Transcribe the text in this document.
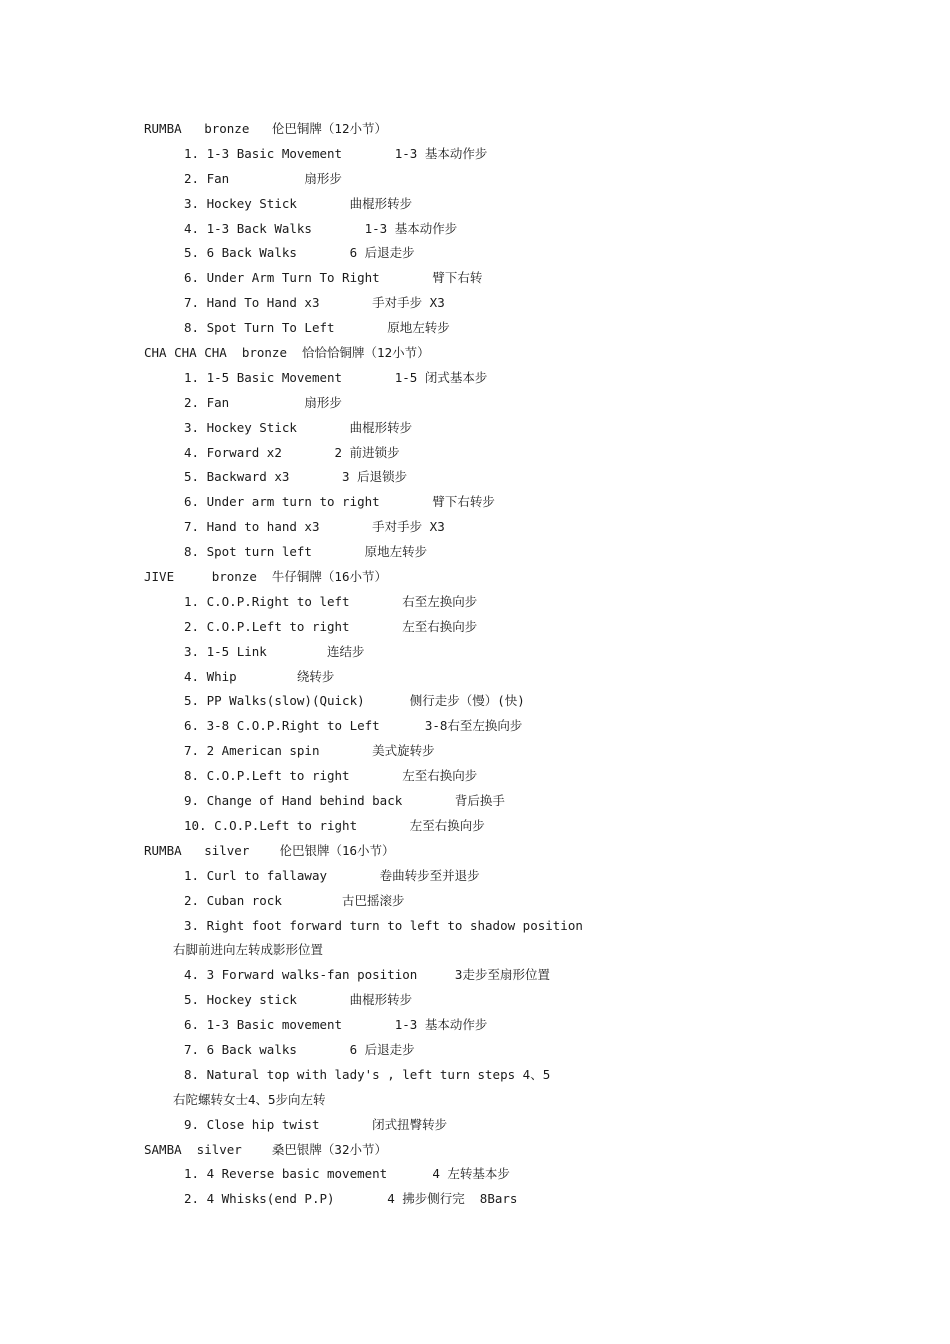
RUMBA   bronze   伦巴铜牌（12小节）
1. 1-3 Basic Movement       1-3 基本动作步
2. Fan          扇形步
3. Hockey Stick       曲棍形转步
4. 1-3 Back Walks       1-3 基本动作步
5. 6 Back Walks       6 后退走步
6. Under Arm Turn To Right       臂下右转
7. Hand To Hand x3       手对手步 X3
8. Spot Turn To Left       原地左转步
CHA CHA CHA  bronze  恰恰恰铜牌（12小节）
1. 1-5 Basic Movement       1-5 闭式基本步
2. Fan          扇形步
3. Hockey Stick       曲棍形转步
4. Forward x2       2 前进锁步
5. Backward x3       3 后退锁步
6. Under arm turn to right       臂下右转步
7. Hand to hand x3       手对手步 X3
8. Spot turn left       原地左转步
JIVE     bronze  牛仔铜牌（16小节）
1. C.O.P.Right to left       右至左换向步
2. C.O.P.Left to right       左至右换向步
3. 1-5 Link        连结步
4. Whip        绕转步
5. PP Walks(slow)(Quick)      侧行走步（慢）(快)
6. 3-8 C.O.P.Right to Left      3-8右至左换向步
7. 2 American spin       美式旋转步
8. C.O.P.Left to right       左至右换向步
9. Change of Hand behind back       背后换手
10. C.O.P.Left to right       左至右换向步
RUMBA   silver    伦巴银牌（16小节）
1. Curl to fallaway       卷曲转步至并退步
2. Cuban rock        古巴摇滚步
3. Right foot forward turn to left to shadow position
右脚前进向左转成影形位置
4. 3 Forward walks-fan position     3走步至扇形位置
5. Hockey stick       曲棍形转步
6. 1-3 Basic movement       1-3 基本动作步
7. 6 Back walks       6 后退走步
8. Natural top with lady's , left turn steps 4、5
右陀螺转女士4、5步向左转
9. Close hip twist       闭式扭臀转步
SAMBA  silver    桑巴银牌（32小节）
1. 4 Reverse basic movement      4 左转基本步
2. 4 Whisks(end P.P)       4 拂步侧行完  8Bars
